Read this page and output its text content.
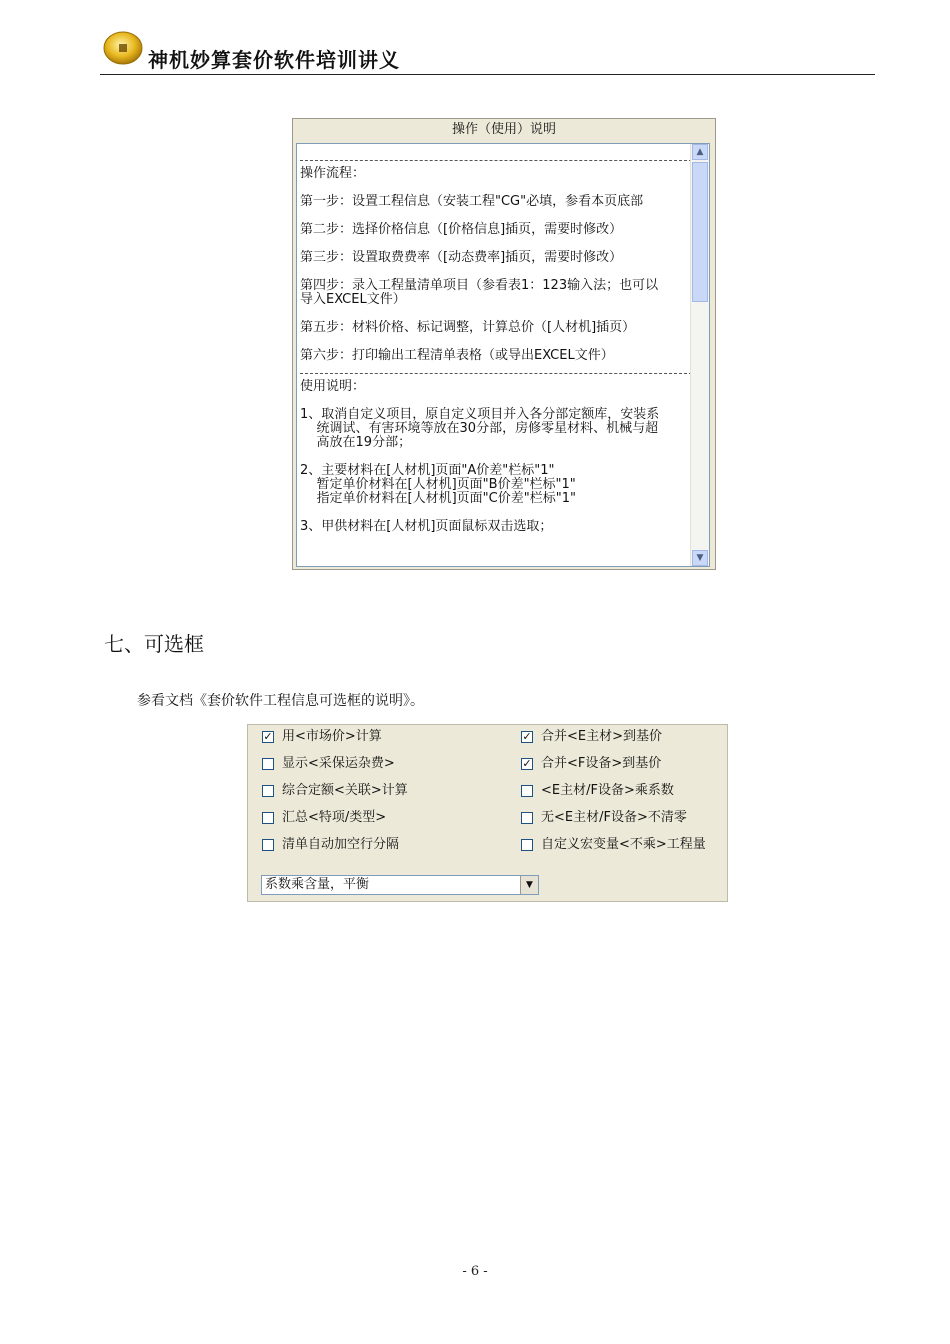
神机妙算套价软件培训讲义
操作（使用）说明
操作流程：
第一步：设置工程信息（安装工程"CG"必填，参看本页底部
第二步：选择价格信息（[价格信息]插页，需要时修改）
第三步：设置取费费率（[动态费率]插页，需要时修改）
第四步：录入工程量清单项目（参看表1：123输入法；也可以
导入EXCEL文件）
第五步：材料价格、标记调整，计算总价（[人材机]插页）
第六步：打印输出工程清单表格（或导出EXCEL文件）
使用说明：
1、取消自定义项目，原自定义项目并入各分部定额库，安装系
统调试、有害环境等放在30分部，房修零星材料、机械与超
高放在19分部；
2、主要材料在[人材机]页面"A价差"栏标"1"
暂定单价材料在[人材机]页面"B价差"栏标"1"
指定单价材料在[人材机]页面"C价差"栏标"1"
3、甲供材料在[人材机]页面鼠标双击选取；
▲
▼
七、可选框
参看文档《套价软件工程信息可选框的说明》。
✓ 用<市场价>计算
显示<采保运杂费>
综合定额<关联>计算
汇总<特项/类型>
清单自动加空行分隔
✓ 合并<E主材>到基价
✓ 合并<F设备>到基价
<E主材/F设备>乘系数
无<E主材/F设备>不清零
自定义宏变量<不乘>工程量
系数乘含量，平衡	▼
- 6 -
